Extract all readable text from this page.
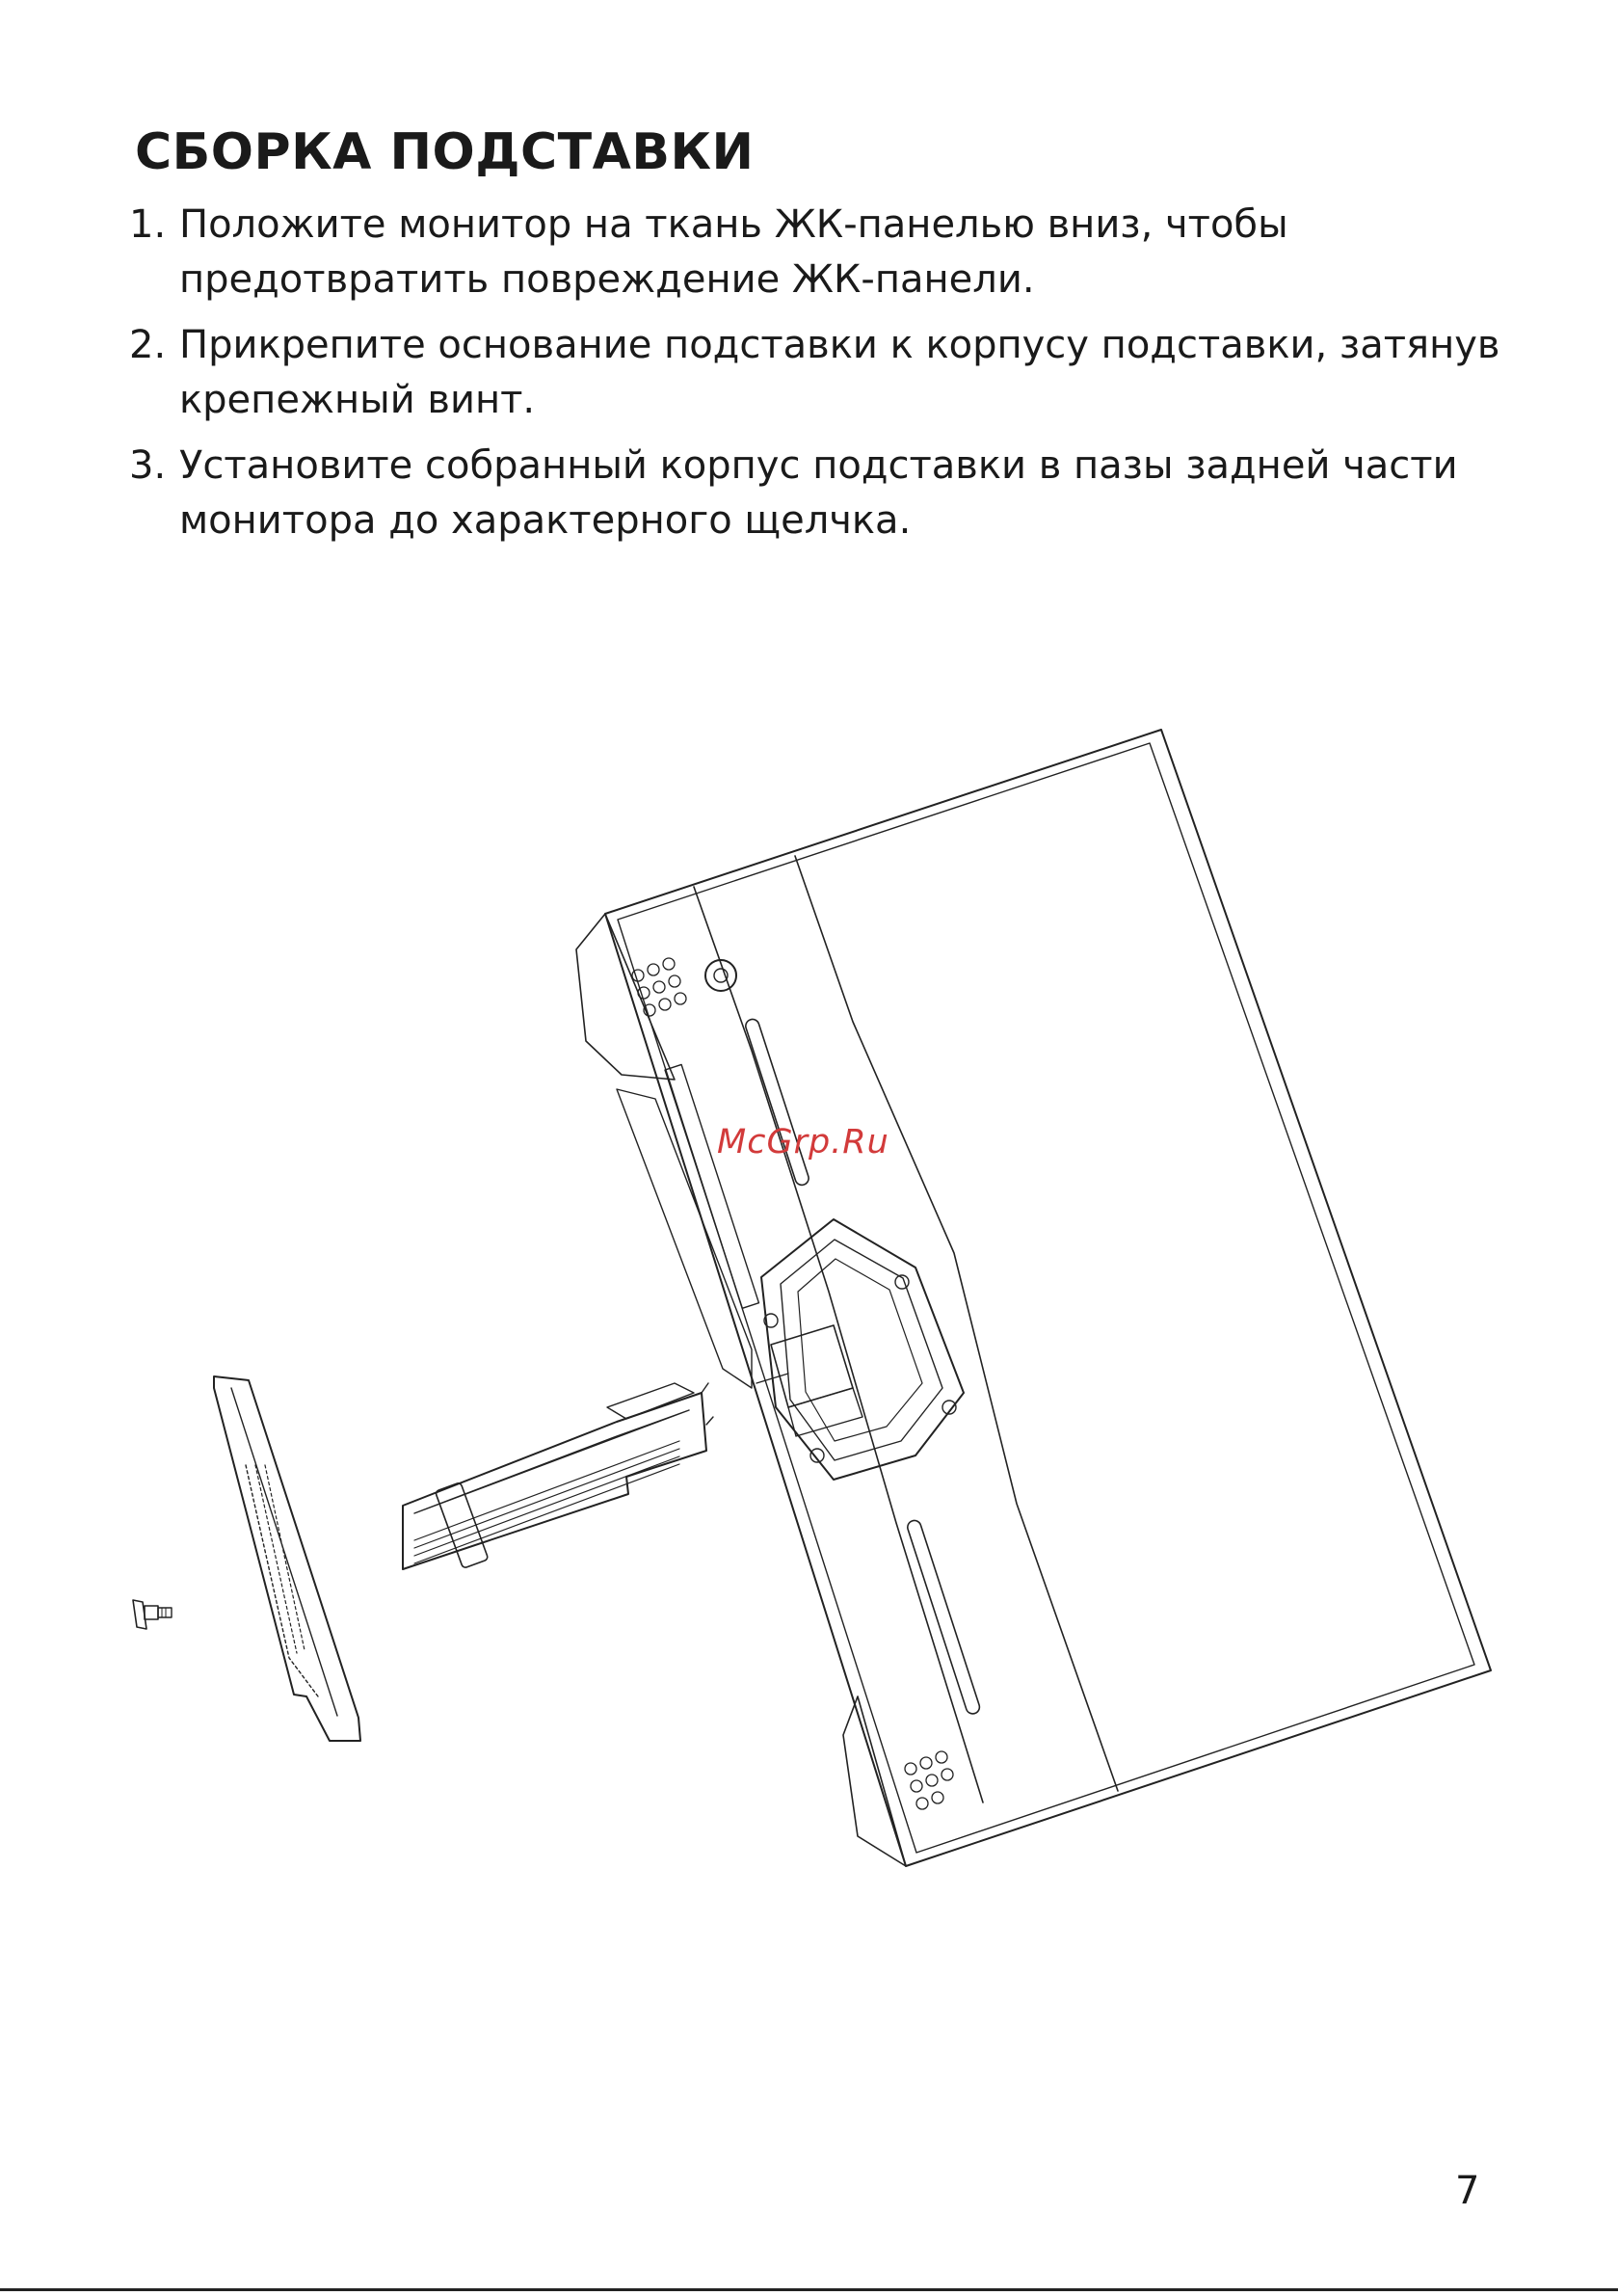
СБОРКА ПОДСТАВКИ
1. Положите монитор на ткань ЖК-панелью вниз, чтобы предотвратить повреждение ЖК-панели.
2. Прикрепите основание подставки к корпусу подставки, затянув крепежный винт.
3. Установите собранный корпус подставки в пазы задней части монитора до характерного щелчка.
McGrp.Ru
7
